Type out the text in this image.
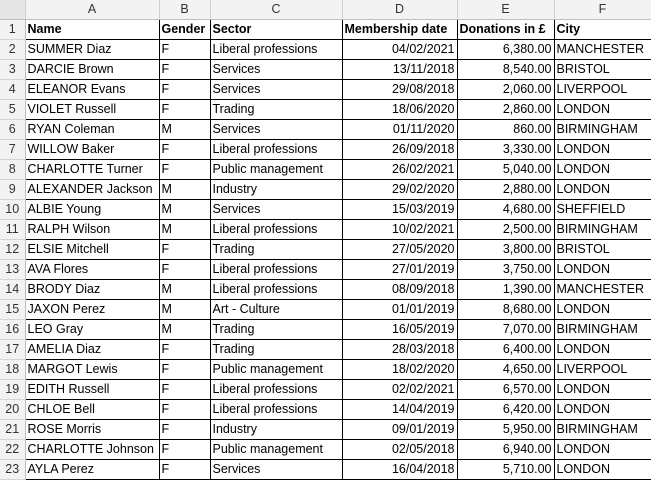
	A	B	C	D	E	F
1	Name	Gender	Sector	Membership date	Donations in £	City
2	SUMMER Diaz	F	Liberal professions	04/02/2021	6,380.00	MANCHESTER
3	DARCIE Brown	F	Services	13/11/2018	8,540.00	BRISTOL
4	ELEANOR Evans	F	Services	29/08/2018	2,060.00	LIVERPOOL
5	VIOLET Russell	F	Trading	18/06/2020	2,860.00	LONDON
6	RYAN Coleman	M	Services	01/11/2020	860.00	BIRMINGHAM
7	WILLOW Baker	F	Liberal professions	26/09/2018	3,330.00	LONDON
8	CHARLOTTE Turner	F	Public management	26/02/2021	5,040.00	LONDON
9	ALEXANDER Jackson	M	Industry	29/02/2020	2,880.00	LONDON
10	ALBIE Young	M	Services	15/03/2019	4,680.00	SHEFFIELD
11	RALPH Wilson	M	Liberal professions	10/02/2021	2,500.00	BIRMINGHAM
12	ELSIE Mitchell	F	Trading	27/05/2020	3,800.00	BRISTOL
13	AVA Flores	F	Liberal professions	27/01/2019	3,750.00	LONDON
14	BRODY Diaz	M	Liberal professions	08/09/2018	1,390.00	MANCHESTER
15	JAXON Perez	M	Art - Culture	01/01/2019	8,680.00	LONDON
16	LEO Gray	M	Trading	16/05/2019	7,070.00	BIRMINGHAM
17	AMELIA Diaz	F	Trading	28/03/2018	6,400.00	LONDON
18	MARGOT Lewis	F	Public management	18/02/2020	4,650.00	LIVERPOOL
19	EDITH Russell	F	Liberal professions	02/02/2021	6,570.00	LONDON
20	CHLOE Bell	F	Liberal professions	14/04/2019	6,420.00	LONDON
21	ROSE Morris	F	Industry	09/01/2019	5,950.00	BIRMINGHAM
22	CHARLOTTE Johnson	F	Public management	02/05/2018	6,940.00	LONDON
23	AYLA Perez	F	Services	16/04/2018	5,710.00	LONDON
